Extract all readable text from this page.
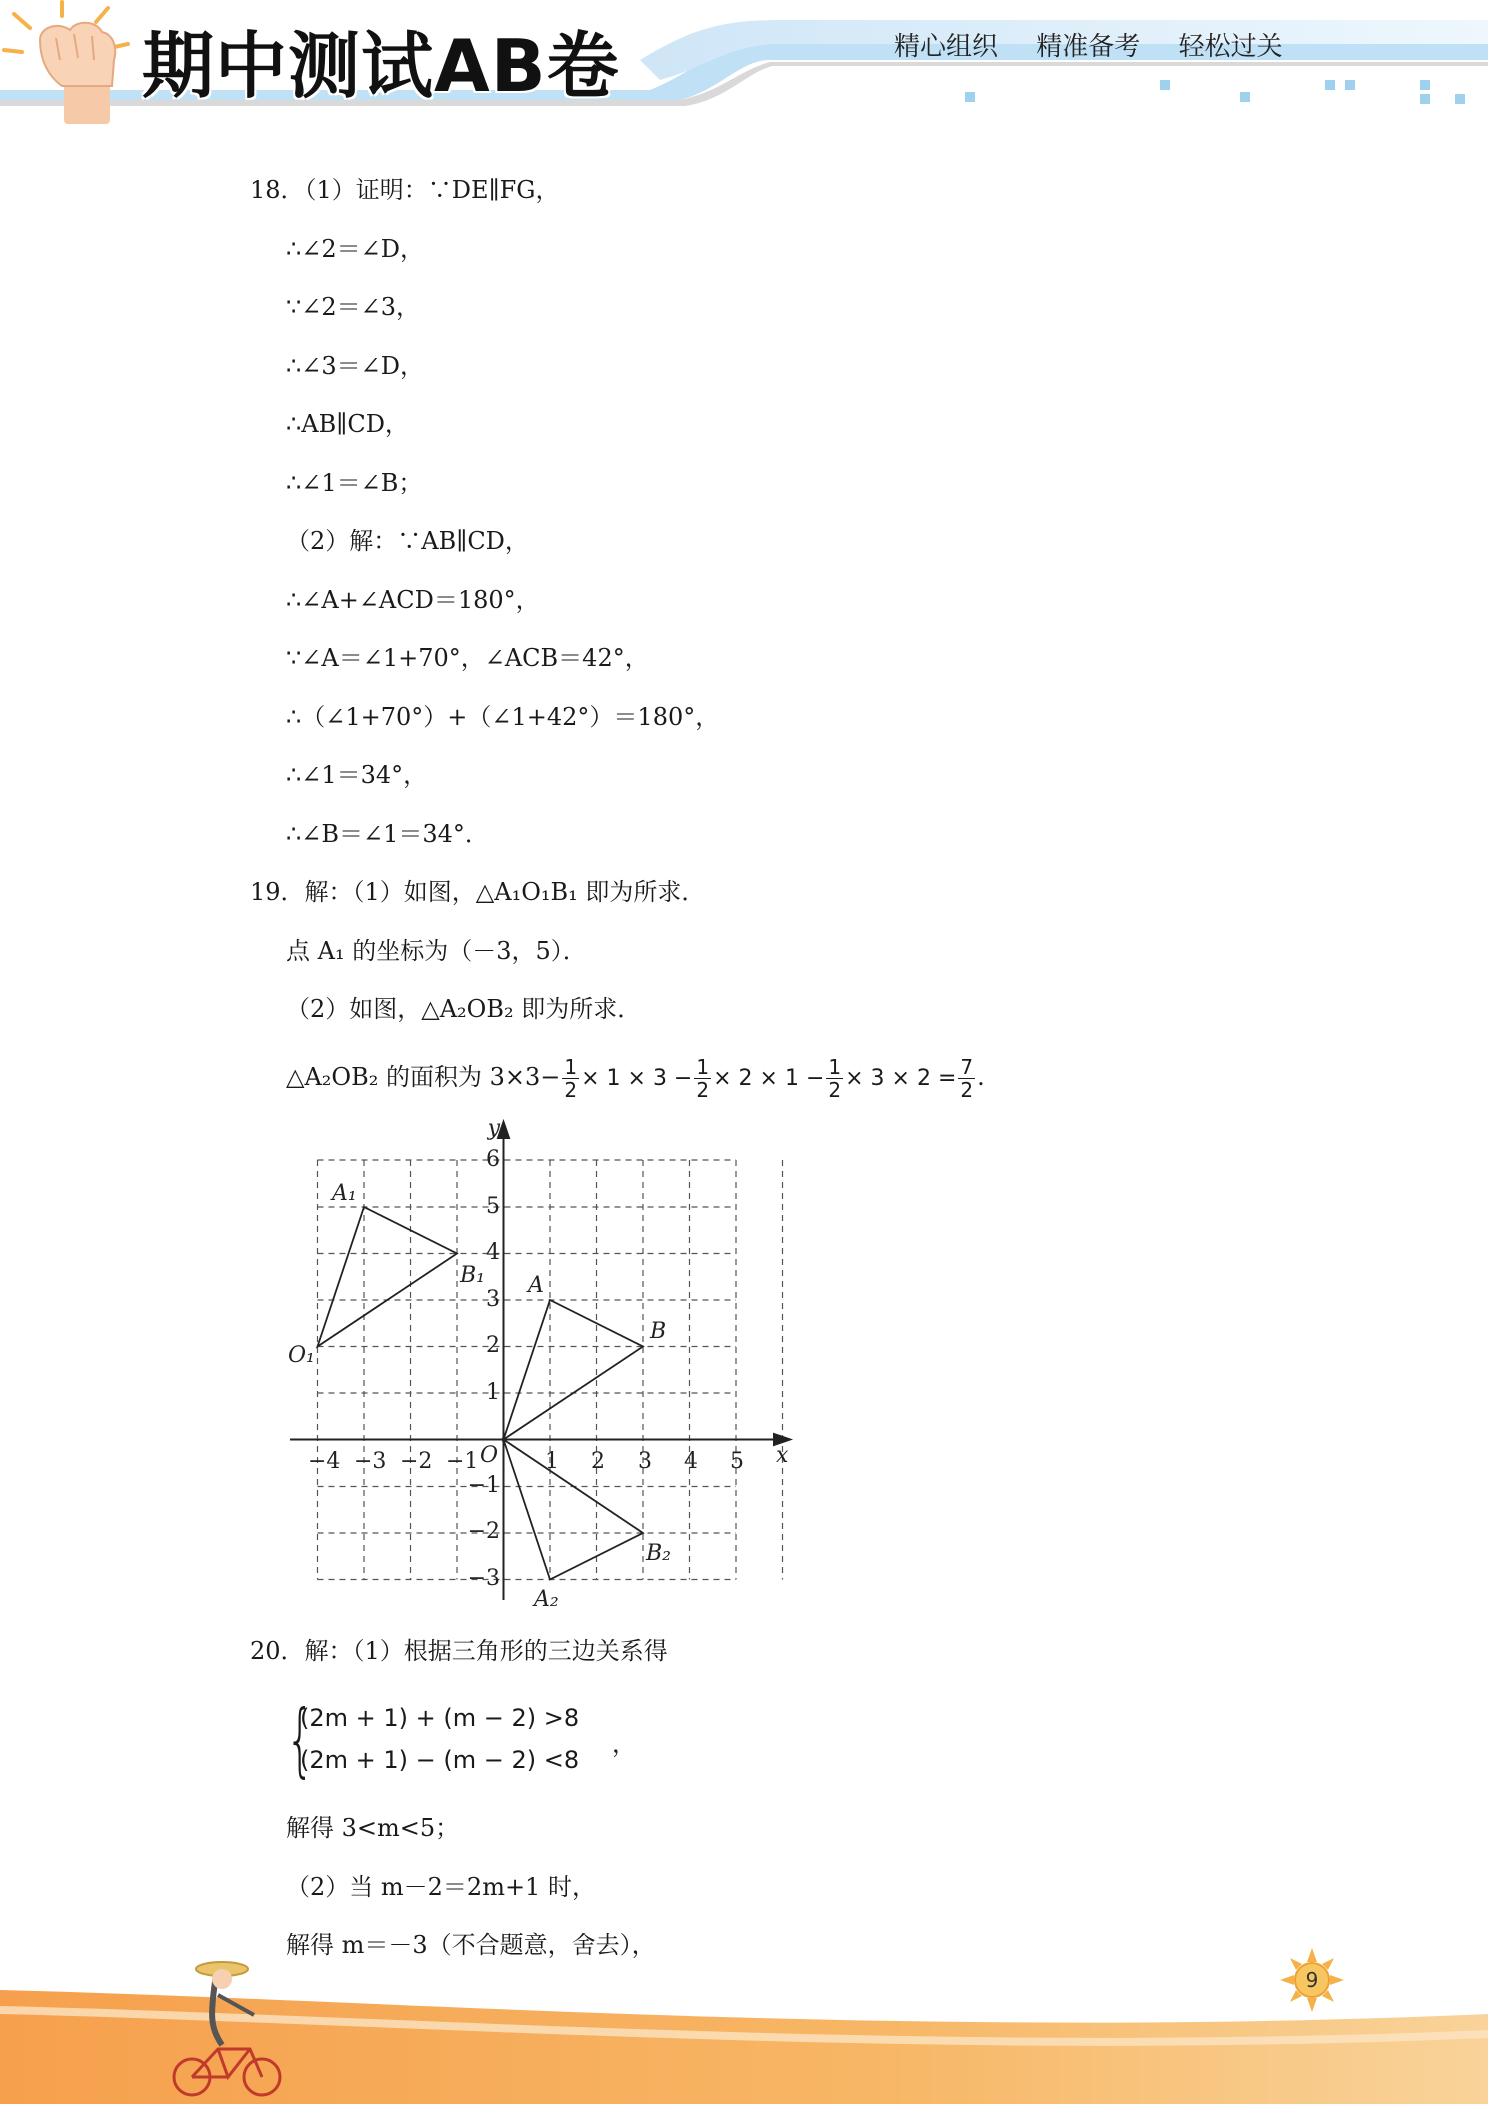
期中测试AB卷	精心组织 精准备考 轻松过关
18．（1）证明：∵DE∥FG，
∴∠2＝∠D，
∵∠2＝∠3，
∴∠3＝∠D，
∴AB∥CD，
∴∠1＝∠B；
（2）解：∵AB∥CD，
∴∠A+∠ACD＝180°，
∵∠A＝∠1+70°，∠ACB＝42°，
∴（∠1+70°）+（∠1+42°）＝180°，
∴∠1＝34°，
∴∠B＝∠1＝34°．
19．解：（1）如图，△A₁O₁B₁ 即为所求．
点 A₁ 的坐标为（－3，5）．
（2）如图，△A₂OB₂ 即为所求．
△A₂OB₂ 的面积为 $3\times 3- \frac{1}{2} \times 1 \times 3 - \frac{1}{2} \times 2 \times 1 - \frac{1}{2} \times 3 \times 2 = \frac{7}{2}$ .
−4 −3 −2 −1	1 2 3 4 5 x
−3
−2
−1
1
2
3
4
5
6
y
O
A₁
B₁
O₁
A
B
B₂
A₂
20．解：（1）根据三角形的三边关系得
{
(2m + 1) + (m − 2) >8
(2m + 1) − (m − 2) <8
，
解得 3<m<5；
（2）当 m－2＝2m+1 时，
解得 m＝－3（不合题意，舍去），
9
